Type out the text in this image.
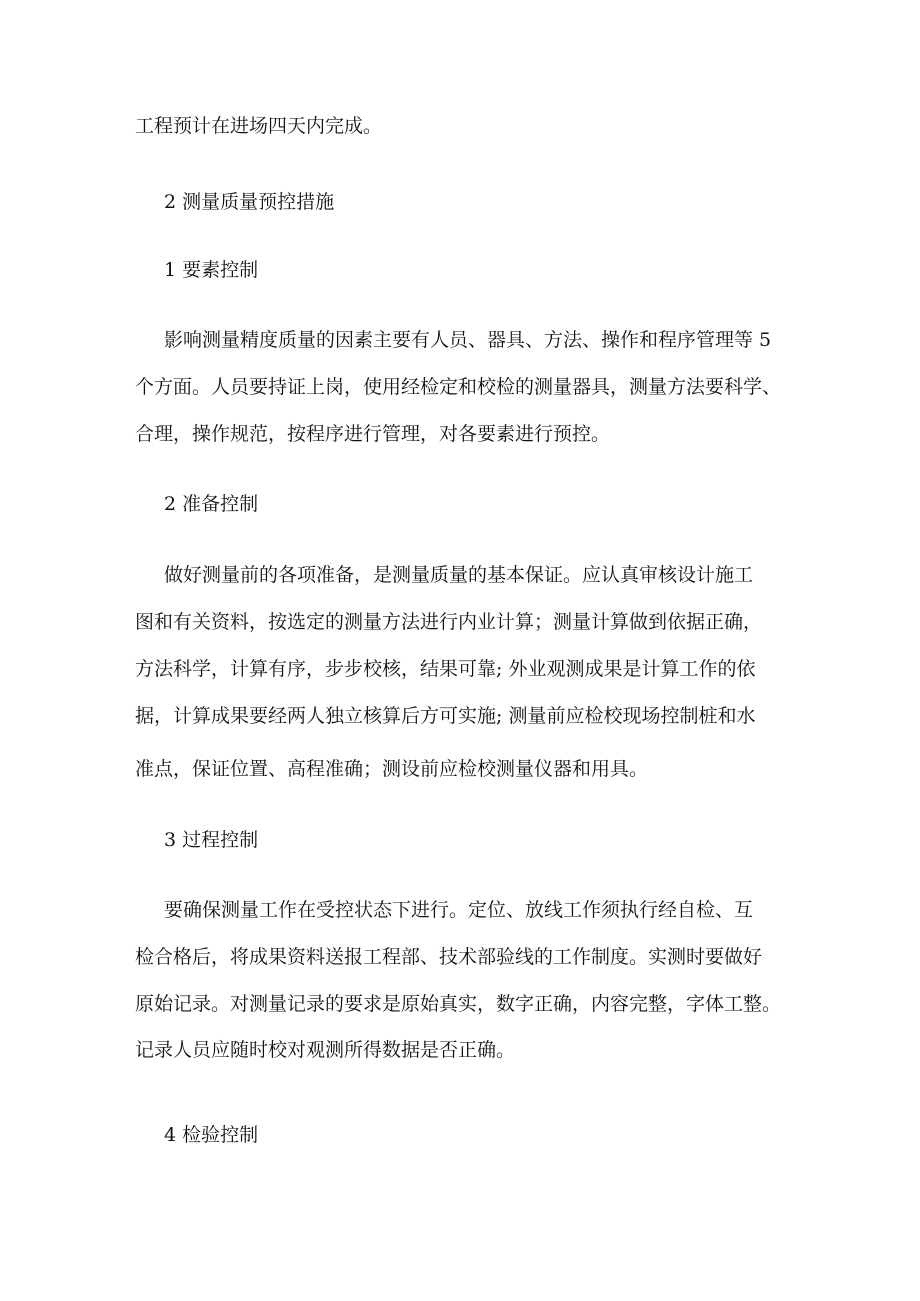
工程预计在进场四天内完成。
2 测量质量预控措施
1 要素控制
影响测量精度质量的因素主要有人员、器具、方法、操作和程序管理等 5
个方面。人员要持证上岗，使用经检定和校检的测量器具，测量方法要科学、
合理，操作规范，按程序进行管理，对各要素进行预控。
2 准备控制
做好测量前的各项准备，是测量质量的基本保证。应认真审核设计施工
图和有关资料，按选定的测量方法进行内业计算；测量计算做到依据正确，
方法科学，计算有序，步步校核，结果可靠; 外业观测成果是计算工作的依
据，计算成果要经两人独立核算后方可实施; 测量前应检校现场控制桩和水
准点，保证位置、高程准确；测设前应检校测量仪器和用具。
3 过程控制
要确保测量工作在受控状态下进行。定位、放线工作须执行经自检、互
检合格后，将成果资料送报工程部、技术部验线的工作制度。实测时要做好
原始记录。对测量记录的要求是原始真实，数字正确，内容完整，字体工整。
记录人员应随时校对观测所得数据是否正确。
4 检验控制
